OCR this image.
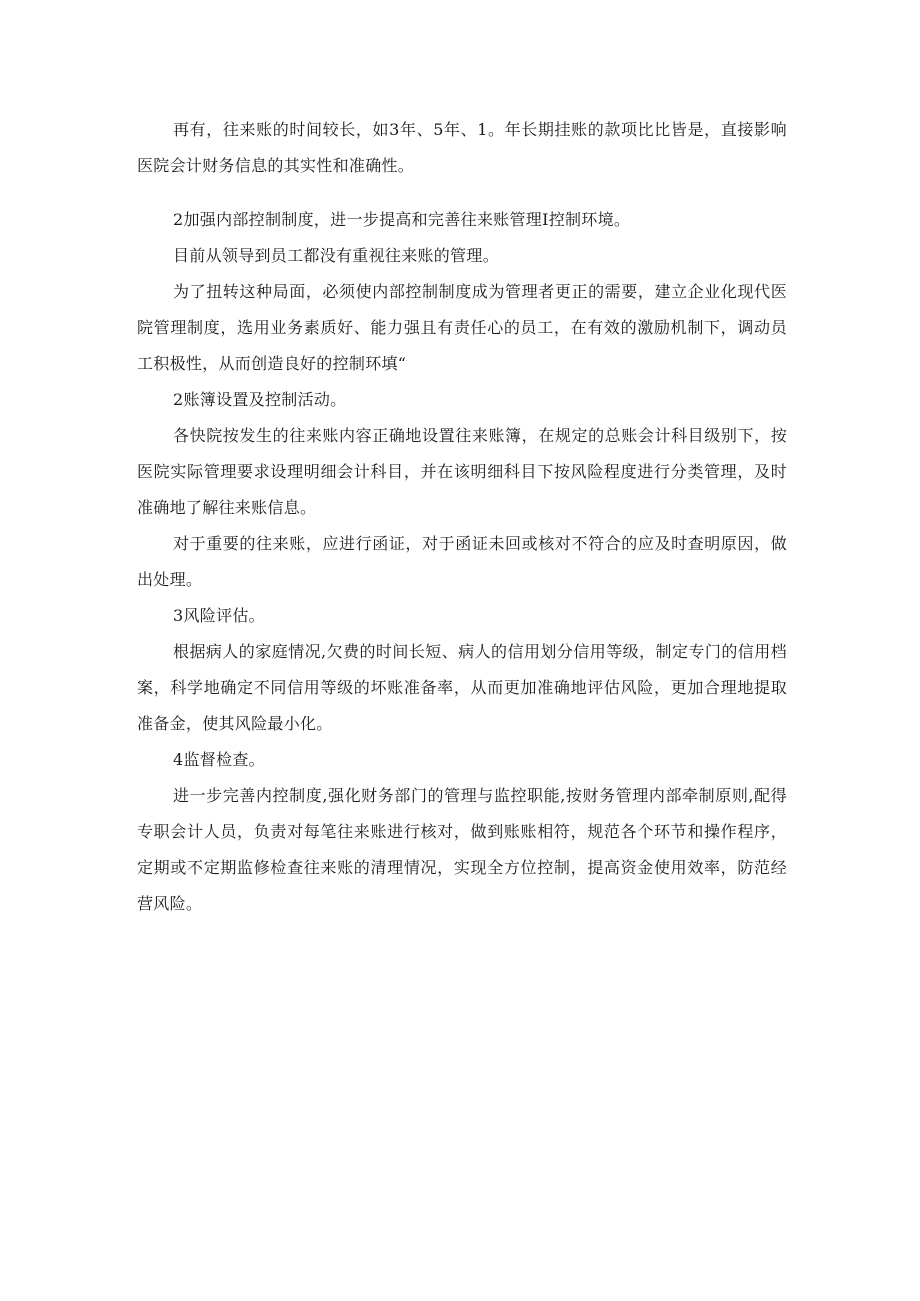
再有，往来账的时间较长，如3年、5年、1。年长期挂账的款项比比皆是，直接影响医院会计财务信息的其实性和准确性。

2加强内部控制制度，进一步提高和完善往来账管理I控制环境。

目前从领导到员工都没有重视往来账的管理。

为了扭转这种局面，必须使内部控制制度成为管理者更正的需要，建立企业化现代医院管理制度，选用业务素质好、能力强且有责任心的员工，在有效的激励机制下，调动员工积极性，从而创造良好的控制环填“

2账簿设置及控制活动。

各快院按发生的往来账内容正确地设置往来账簿，在规定的总账会计科目级别下，按医院实际管理要求设理明细会计科目，并在该明细科目下按风险程度进行分类管理，及时准确地了解往来账信息。

对于重要的往来账，应进行函证，对于函证未回或核对不符合的应及时查明原因，做出处理。

3风险评估。

根据病人的家庭情况,欠费的时间长短、病人的信用划分信用等级，制定专门的信用档案，科学地确定不同信用等级的坏账准备率，从而更加准确地评估风险，更加合理地提取准备金，使其风险最小化。

4监督检查。

进一步完善内控制度,强化财务部门的管理与监控职能,按财务管理内部牵制原则,配得专职会计人员，负责对每笔往来账进行核对，做到账账相符，规范各个环节和操作程序，定期或不定期监修检查往来账的清理情况，实现全方位控制，提高资金使用效率，防范经营风险。
